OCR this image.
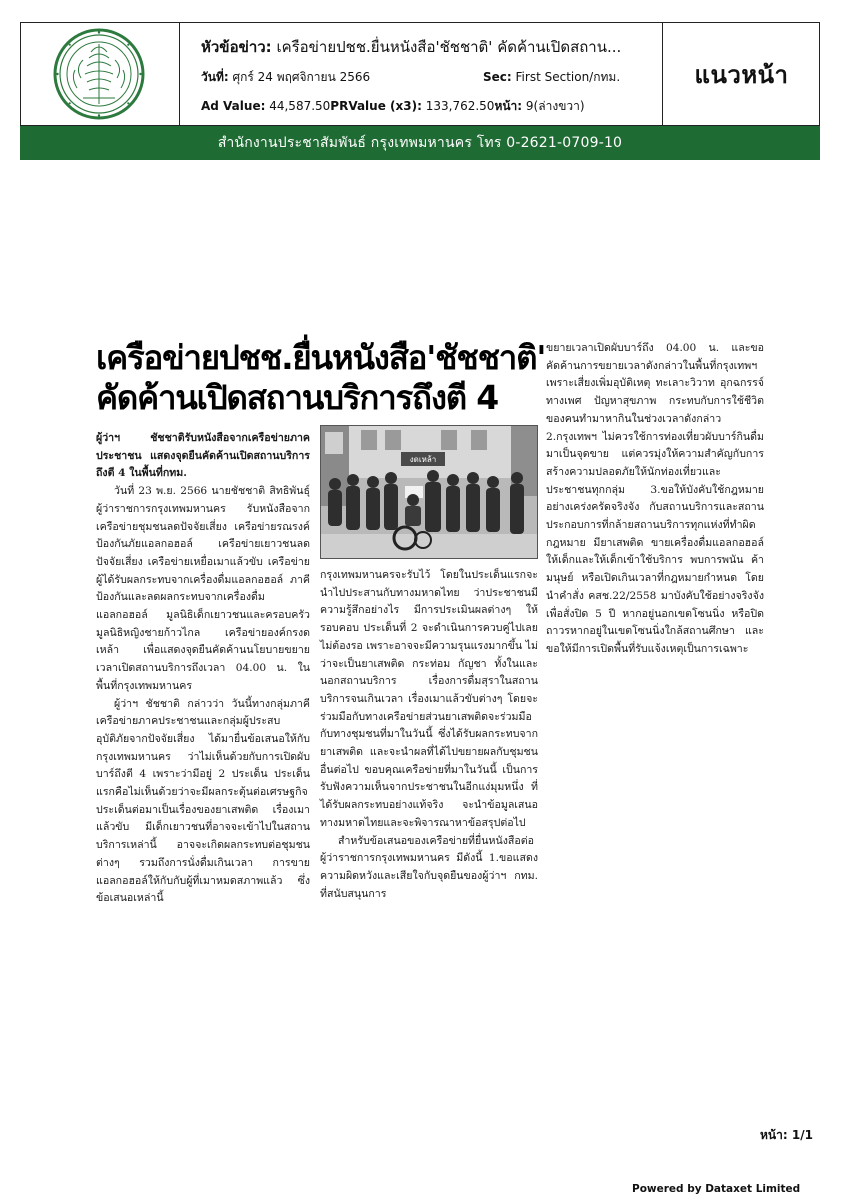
หัวข้อข่าว: เครือข่ายปชช.ยื่นหนังสือ'ชัชชาติ' คัดค้านเปิดสถาน...
วันที่: ศุกร์ 24 พฤศจิกายน 2566	Sec: First Section/กทม.
Ad Value: 44,587.50PRValue (x3): 133,762.50หน้า: 9(ล่างขวา)
แนวหน้า
สำนักงานประชาสัมพันธ์ กรุงเทพมหานคร โทร 0-2621-0709-10
เครือข่ายปชช.ยื่นหนังสือ'ชัชชาติ'
คัดค้านเปิดสถานบริการถึงตี 4

ผู้ว่าฯ ชัชชาติรับหนังสือจากเครือข่ายภาคประชาชน แสดงจุดยืนคัดค้านเปิดสถานบริการถึงตี 4 ในพื้นที่กทม.

วันที่ 23 พ.ย. 2566 นายชัชชาติ สิทธิพันธุ์ ผู้ว่าราชการกรุงเทพมหานคร รับหนังสือจากเครือข่ายชุมชนลดปัจจัยเสี่ยง เครือข่ายรณรงค์ป้องกันภัยแอลกอฮอล์ เครือข่ายเยาวชนลดปัจจัยเสี่ยง เครือข่ายเหยื่อเมาแล้วขับ เครือข่ายผู้ได้รับผลกระทบจากเครื่องดื่มแอลกอฮอล์ ภาคีป้องกันและลดผลกระทบจากเครื่องดื่มแอลกอฮอล์ มูลนิธิเด็กเยาวชนและครอบครัว มูลนิธิหญิงชายก้าวไกล เครือข่ายองค์กรงดเหล้า เพื่อแสดงจุดยืนคัดค้านนโยบายขยายเวลาเปิดสถานบริการถึงเวลา 04.00 น. ในพื้นที่กรุงเทพมหานคร

ผู้ว่าฯ ชัชชาติ กล่าวว่า วันนี้ทางกลุ่มภาคีเครือข่ายภาคประชาชนและกลุ่มผู้ประสบอุบัติภัยจากปัจจัยเสี่ยง ได้มายื่นข้อเสนอให้กับกรุงเทพมหานคร ว่าไม่เห็นด้วยกับการเปิดผับบาร์ถึงตี 4 เพราะว่ามีอยู่ 2 ประเด็น ประเด็นแรกคือไม่เห็นด้วยว่าจะมีผลกระตุ้นต่อเศรษฐกิจ ประเด็นต่อมาเป็นเรื่องของยาเสพติด เรื่องเมาแล้วขับ มีเด็กเยาวชนที่อาจจะเข้าไปในสถานบริการเหล่านี้ อาจจะเกิดผลกระทบต่อชุมชนต่างๆ รวมถึงการนั่งดื่มเกินเวลา การขายแอลกอฮอล์ให้กับกับผู้ที่เมาหมดสภาพแล้ว ซึ่งข้อเสนอเหล่านี้

งดเหล้า

กรุงเทพมหานครจะรับไว้ โดยในประเด็นแรกจะนำไปประสานกับทางมหาดไทย ว่าประชาชนมีความรู้สึกอย่างไร มีการประเมินผลต่างๆ ให้รอบคอบ ประเด็นที่ 2 จะดำเนินการควบคู่ไปเลย ไม่ต้องรอ เพราะอาจจะมีความรุนแรงมากขึ้น ไม่ว่าจะเป็นยาเสพติด กระท่อม กัญชา ทั้งในและนอกสถานบริการ เรื่องการดื่มสุราในสถานบริการจนเกินเวลา เรื่องเมาแล้วขับต่างๆ โดยจะร่วมมือกับทางเครือข่ายส่วนยาเสพติดจะร่วมมือกับทางชุมชนที่มาในวันนี้ ซึ่งได้รับผลกระทบจากยาเสพติด และจะนำผลที่ได้ไปขยายผลกับชุมชนอื่นต่อไป ขอบคุณเครือข่ายที่มาในวันนี้ เป็นการรับฟังความเห็นจากประชาชนในอีกแง่มุมหนึ่ง ที่ได้รับผลกระทบอย่างแท้จริง จะนำข้อมูลเสนอทางมหาดไทยและจะพิจารณาหาข้อสรุปต่อไป

สำหรับข้อเสนอของเครือข่ายที่ยื่นหนังสือต่อผู้ว่าราชการกรุงเทพมหานคร มีดังนี้ 1.ขอแสดงความผิดหวังและเสียใจกับจุดยืนของผู้ว่าฯ กทม. ที่สนับสนุนการ

ขยายเวลาเปิดผับบาร์ถึง 04.00 น. และขอคัดค้านการขยายเวลาดังกล่าวในพื้นที่กรุงเทพฯ เพราะเสี่ยงเพิ่มอุบัติเหตุ ทะเลาะวิวาท อุกฉกรรจ์ทางเพศ ปัญหาสุขภาพ กระทบกับการใช้ชีวิตของคนทำมาหากินในช่วงเวลาดังกล่าว 2.กรุงเทพฯ ไม่ควรใช้การท่องเที่ยวผับบาร์กินดื่มมาเป็นจุดขาย แต่ควรมุ่งให้ความสำคัญกับการสร้างความปลอดภัยให้นักท่องเที่ยวและประชาชนทุกกลุ่ม 3.ขอให้บังคับใช้กฎหมายอย่างเคร่งครัดจริงจัง กับสถานบริการและสถานประกอบการที่กล้ายสถานบริการทุกแห่งที่ทำผิดกฎหมาย มียาเสพติด ขายเครื่องดื่มแอลกอฮอล์ให้เด็กและให้เด็กเข้าใช้บริการ พบการพนัน ค้ามนุษย์ หรือเปิดเกินเวลาที่กฎหมายกำหนด โดยนำคำสั่ง คสช.22/2558 มาบังคับใช้อย่างจริงจังเพื่อสั่งปิด 5 ปี หากอยู่นอกเขตโซนนิ่ง หรือปิดถาวรหากอยู่ในเขตโซนนิ่งใกล้สถานศึกษา และขอให้มีการเปิดพื้นที่รับแจ้งเหตุเป็นการเฉพาะ

หน้า: 1/1
Powered by Dataxet Limited
